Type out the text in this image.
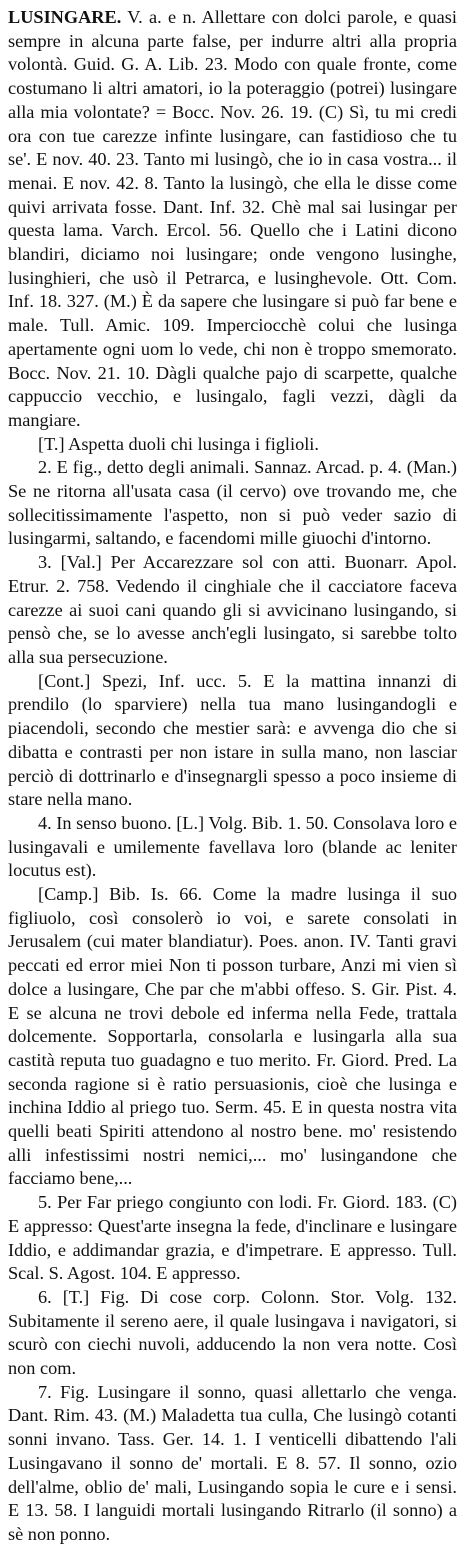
LUSINGARE. V. a. e n. Allettare con dolci parole, e quasi sempre in alcuna parte false, per indurre altri alla propria volontà. Guid. G. A. Lib. 23. Modo con quale fronte, come costumano li altri amatori, io la poteraggio (potrei) lusingare alla mia volontate? = Bocc. Nov. 26. 19. (C) Sì, tu mi credi ora con tue carezze infinte lusingare, can fastidioso che tu se'. E nov. 40. 23. Tanto mi lusingò, che io in casa vostra... il menai. E nov. 42. 8. Tanto la lusingò, che ella le disse come quivi arrivata fosse. Dant. Inf. 32. Chè mal sai lusingar per questa lama. Varch. Ercol. 56. Quello che i Latini dicono blandiri, diciamo noi lusingare; onde vengono lusinghe, lusinghieri, che usò il Petrarca, e lusinghevole. Ott. Com. Inf. 18. 327. (M.) È da sapere che lusingare si può far bene e male. Tull. Amic. 109. Imperciocchè colui che lusinga apertamente ogni uom lo vede, chi non è troppo smemorato. Bocc. Nov. 21. 10. Dàgli qualche pajo di scarpette, qualche cappuccio vecchio, e lusingalo, fagli vezzi, dàgli da mangiare.

[T.] Aspetta duoli chi lusinga i figlioli.

2. E fig., detto degli animali. Sannaz. Arcad. p. 4. (Man.) Se ne ritorna all'usata casa (il cervo) ove trovando me, che sollecitissimamente l'aspetto, non si può veder sazio di lusingarmi, saltando, e facendomi mille giuochi d'intorno.

3. [Val.] Per Accarezzare sol con atti. Buonarr. Apol. Etrur. 2. 758. Vedendo il cinghiale che il cacciatore faceva carezze ai suoi cani quando gli si avvicinano lusingando, si pensò che, se lo avesse anch'egli lusingato, si sarebbe tolto alla sua persecuzione.

[Cont.] Spezi, Inf. ucc. 5. E la mattina innanzi di prendilo (lo sparviere) nella tua mano lusingandogli e piacendoli, secondo che mestier sarà: e avvenga dio che si dibatta e contrasti per non istare in sulla mano, non lasciar perciò di dottrinarlo e d'insegnargli spesso a poco insieme di stare nella mano.

4. In senso buono. [L.] Volg. Bib. 1. 50. Consolava loro e lusingavali e umilemente favellava loro (blande ac leniter locutus est).

[Camp.] Bib. Is. 66. Come la madre lusinga il suo figliuolo, così consolerò io voi, e sarete consolati in Jerusalem (cui mater blandiatur). Poes. anon. IV. Tanti gravi peccati ed error miei Non ti posson turbare, Anzi mi vien sì dolce a lusingare, Che par che m'abbi offeso. S. Gir. Pist. 4. E se alcuna ne trovi debole ed inferma nella Fede, trattala dolcemente. Sopportarla, consolarla e lusingarla alla sua castità reputa tuo guadagno e tuo merito. Fr. Giord. Pred. La seconda ragione si è ratio persuasionis, cioè che lusinga e inchina Iddio al priego tuo. Serm. 45. E in questa nostra vita quelli beati Spiriti attendono al nostro bene. mo' resistendo alli infestissimi nostri nemici,... mo' lusingandone che facciamo bene,...

5. Per Far priego congiunto con lodi. Fr. Giord. 183. (C) E appresso: Quest'arte insegna la fede, d'inclinare e lusingare Iddio, e addimandar grazia, e d'impetrare. E appresso. Tull. Scal. S. Agost. 104. E appresso.

6. [T.] Fig. Di cose corp. Colonn. Stor. Volg. 132. Subitamente il sereno aere, il quale lusingava i navigatori, si scurò con ciechi nuvoli, adducendo la non vera notte. Così non com.

7. Fig. Lusingare il sonno, quasi allettarlo che venga. Dant. Rim. 43. (M.) Maladetta tua culla, Che lusingò cotanti sonni invano. Tass. Ger. 14. 1. I venticelli dibattendo l'ali Lusingavano il sonno de' mortali. E 8. 57. Il sonno, ozio dell'alme, oblio de' mali, Lusingando sopia le cure e i sensi. E 13. 58. I languidi mortali lusingando Ritrarlo (il sonno) a sè non ponno.
